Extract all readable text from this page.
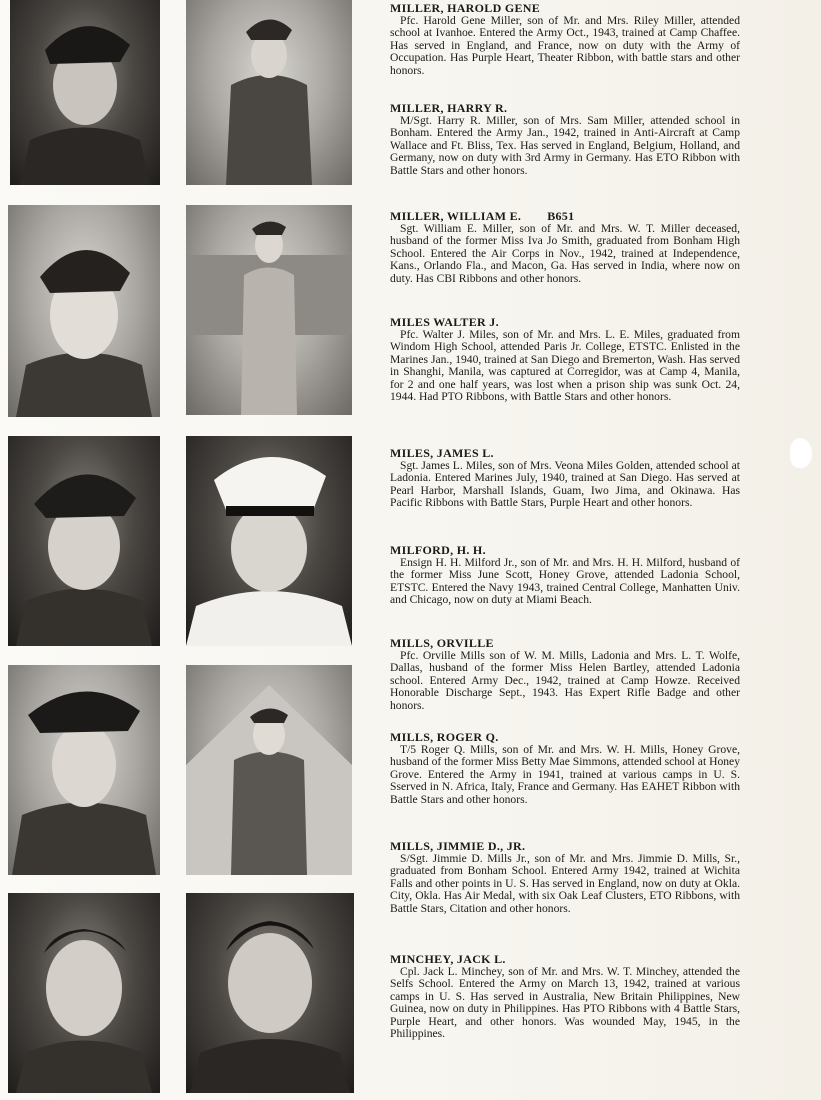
MILLER, HAROLD GENE

Pfc. Harold Gene Miller, son of Mr. and Mrs. Riley Miller, attended school at Ivanhoe. Entered the Army Oct., 1943, trained at Camp Chaffee. Has served in England, and France, now on duty with the Army of Occupation. Has Purple Heart, Theater Ribbon, with battle stars and other honors.

MILLER, HARRY R.

M/Sgt. Harry R. Miller, son of Mrs. Sam Miller, attended school in Bonham. Entered the Army Jan., 1942, trained in Anti-Aircraft at Camp Wallace and Ft. Bliss, Tex. Has served in England, Belgium, Holland, and Germany, now on duty with 3rd Army in Germany. Has ETO Ribbon with Battle Stars and other honors.

MILLER, WILLIAM E. B651

Sgt. William E. Miller, son of Mr. and Mrs. W. T. Miller deceased, husband of the former Miss Iva Jo Smith, graduated from Bonham High School. Entered the Air Corps in Nov., 1942, trained at Independence, Kans., Orlando Fla., and Macon, Ga. Has served in India, where now on duty. Has CBI Ribbons and other honors.

MILES WALTER J.

Pfc. Walter J. Miles, son of Mr. and Mrs. L. E. Miles, graduated from Windom High School, attended Paris Jr. College, ETSTC. Enlisted in the Marines Jan., 1940, trained at San Diego and Bremerton, Wash. Has served in Shanghi, Manila, was captured at Corregidor, was at Camp 4, Manila, for 2 and one half years, was lost when a prison ship was sunk Oct. 24, 1944. Had PTO Ribbons, with Battle Stars and other honors.

MILES, JAMES L.

Sgt. James L. Miles, son of Mrs. Veona Miles Golden, attended school at Ladonia. Entered Marines July, 1940, trained at San Diego. Has served at Pearl Harbor, Marshall Islands, Guam, Iwo Jima, and Okinawa. Has Pacific Ribbons with Battle Stars, Purple Heart and other honors.

MILFORD, H. H.

Ensign H. H. Milford Jr., son of Mr. and Mrs. H. H. Milford, husband of the former Miss June Scott, Honey Grove, attended Ladonia School, ETSTC. Entered the Navy 1943, trained Central College, Manhatten Univ. and Chicago, now on duty at Miami Beach.

MILLS, ORVILLE

Pfc. Orville Mills son of W. M. Mills, Ladonia and Mrs. L. T. Wolfe, Dallas, husband of the former Miss Helen Bartley, attended Ladonia school. Entered Army Dec., 1942, trained at Camp Howze. Received Honorable Discharge Sept., 1943. Has Expert Rifle Badge and other honors.

MILLS, ROGER Q.

T/5 Roger Q. Mills, son of Mr. and Mrs. W. H. Mills, Honey Grove, husband of the former Miss Betty Mae Simmons, attended school at Honey Grove. Entered the Army in 1941, trained at various camps in U. S. Sserved in N. Africa, Italy, France and Germany. Has EAHET Ribbon with Battle Stars and other honors.

MILLS, JIMMIE D., JR.

S/Sgt. Jimmie D. Mills Jr., son of Mr. and Mrs. Jimmie D. Mills, Sr., graduated from Bonham School. Entered Army 1942, trained at Wichita Falls and other points in U. S. Has served in England, now on duty at Okla. City, Okla. Has Air Medal, with six Oak Leaf Clusters, ETO Ribbons, with Battle Stars, Citation and other honors.

MINCHEY, JACK L.

Cpl. Jack L. Minchey, son of Mr. and Mrs. W. T. Minchey, attended the Selfs School. Entered the Army on March 13, 1942, trained at various camps in U. S. Has served in Australia, New Britain Philippines, New Guinea, now on duty in Philippines. Has PTO Ribbons with 4 Battle Stars, Purple Heart, and other honors. Was wounded May, 1945, in the Philippines.
